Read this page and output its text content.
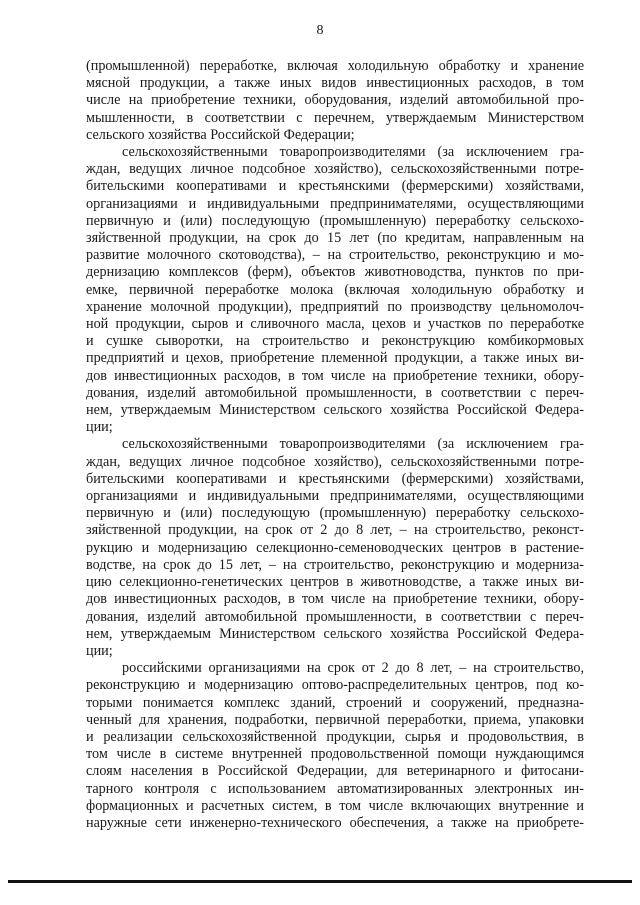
8
(промышленной) переработке, включая холодильную обработку и хранение
мясной продукции, а также иных видов инвестиционных расходов, в том
числе на приобретение техники, оборудования, изделий автомобильной про-
мышленности, в соответствии с перечнем, утверждаемым Министерством
сельского хозяйства Российской Федерации;
сельскохозяйственными товаропроизводителями (за исключением гра-
ждан, ведущих личное подсобное хозяйство), сельскохозяйственными потре-
бительскими кооперативами и крестьянскими (фермерскими) хозяйствами,
организациями и индивидуальными предпринимателями, осуществляющими
первичную и (или) последующую (промышленную) переработку сельскохо-
зяйственной продукции, на срок до 15 лет (по кредитам, направленным на
развитие молочного скотоводства), – на строительство, реконструкцию и мо-
дернизацию комплексов (ферм), объектов животноводства, пунктов по при-
емке, первичной переработке молока (включая холодильную обработку и
хранение молочной продукции), предприятий по производству цельномолоч-
ной продукции, сыров и сливочного масла, цехов и участков по переработке
и сушке сыворотки, на строительство и реконструкцию комбикормовых
предприятий и цехов, приобретение племенной продукции, а также иных ви-
дов инвестиционных расходов, в том числе на приобретение техники, обору-
дования, изделий автомобильной промышленности, в соответствии с переч-
нем, утверждаемым Министерством сельского хозяйства Российской Федера-
ции;
сельскохозяйственными товаропроизводителями (за исключением гра-
ждан, ведущих личное подсобное хозяйство), сельскохозяйственными потре-
бительскими кооперативами и крестьянскими (фермерскими) хозяйствами,
организациями и индивидуальными предпринимателями, осуществляющими
первичную и (или) последующую (промышленную) переработку сельскохо-
зяйственной продукции, на срок от 2 до 8 лет, – на строительство, реконст-
рукцию и модернизацию селекционно-семеноводческих центров в растение-
водстве, на срок до 15 лет, – на строительство, реконструкцию и модерниза-
цию селекционно-генетических центров в животноводстве, а также иных ви-
дов инвестиционных расходов, в том числе на приобретение техники, обору-
дования, изделий автомобильной промышленности, в соответствии с переч-
нем, утверждаемым Министерством сельского хозяйства Российской Федера-
ции;
российскими организациями на срок от 2 до 8 лет, – на строительство,
реконструкцию и модернизацию оптово-распределительных центров, под ко-
торыми понимается комплекс зданий, строений и сооружений, предназна-
ченный для хранения, подработки, первичной переработки, приема, упаковки
и реализации сельскохозяйственной продукции, сырья и продовольствия, в
том числе в системе внутренней продовольственной помощи нуждающимся
слоям населения в Российской Федерации, для ветеринарного и фитосани-
тарного контроля с использованием автоматизированных электронных ин-
формационных и расчетных систем, в том числе включающих внутренние и
наружные сети инженерно-технического обеспечения, а также на приобрете-
